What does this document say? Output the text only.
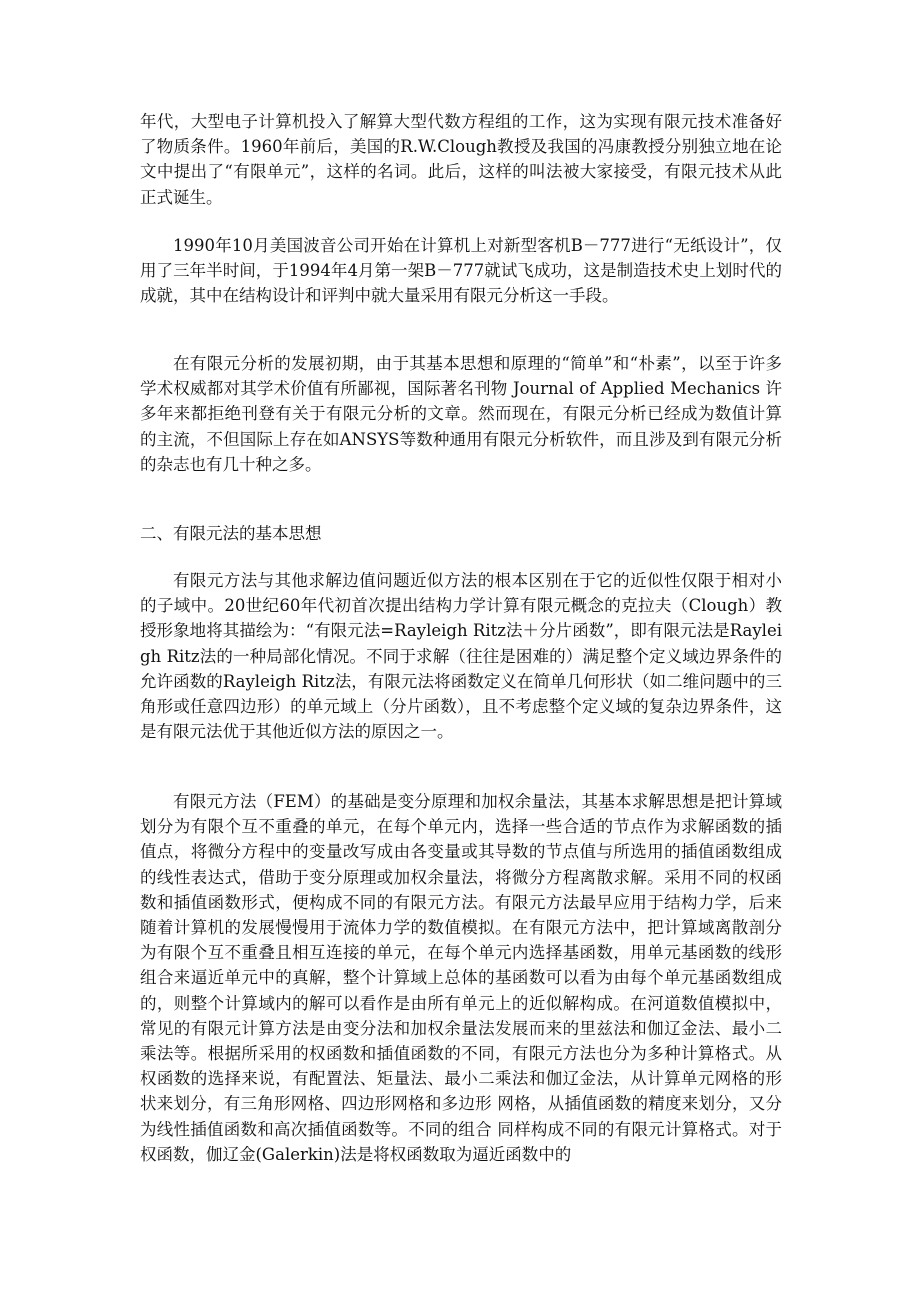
年代，大型电子计算机投入了解算大型代数方程组的工作，这为实现有限元技术准备好了物质条件。1960年前后，美国的R.W.Clough教授及我国的冯康教授分别独立地在论文中提出了“有限单元”，这样的名词。此后，这样的叫法被大家接受，有限元技术从此正式诞生。

1990年10月美国波音公司开始在计算机上对新型客机B－777进行“无纸设计”，仅用了三年半时间，于1994年4月第一架B－777就试飞成功，这是制造技术史上划时代的成就，其中在结构设计和评判中就大量采用有限元分析这一手段。

在有限元分析的发展初期，由于其基本思想和原理的“简单”和“朴素”，以至于许多学术权威都对其学术价值有所鄙视，国际著名刊物 Journal of Applied Mechanics 许多年来都拒绝刊登有关于有限元分析的文章。然而现在，有限元分析已经成为数值计算的主流，不但国际上存在如ANSYS等数种通用有限元分析软件，而且涉及到有限元分析的杂志也有几十种之多。

二、有限元法的基本思想

有限元方法与其他求解边值问题近似方法的根本区别在于它的近似性仅限于相对小的子域中。20世纪60年代初首次提出结构力学计算有限元概念的克拉夫（Clough）教授形象地将其描绘为：“有限元法=Rayleigh Ritz法＋分片函数”，即有限元法是Rayleigh Ritz法的一种局部化情况。不同于求解（往往是困难的）满足整个定义域边界条件的允许函数的Rayleigh Ritz法，有限元法将函数定义在简单几何形状（如二维问题中的三角形或任意四边形）的单元域上（分片函数），且不考虑整个定义域的复杂边界条件，这是有限元法优于其他近似方法的原因之一。

有限元方法（FEM）的基础是变分原理和加权余量法，其基本求解思想是把计算域划分为有限个互不重叠的单元，在每个单元内，选择一些合适的节点作为求解函数的插值点，将微分方程中的变量改写成由各变量或其导数的节点值与所选用的插值函数组成的线性表达式，借助于变分原理或加权余量法，将微分方程离散求解。采用不同的权函数和插值函数形式，便构成不同的有限元方法。有限元方法最早应用于结构力学，后来随着计算机的发展慢慢用于流体力学的数值模拟。在有限元方法中，把计算域离散剖分为有限个互不重叠且相互连接的单元，在每个单元内选择基函数，用单元基函数的线形组合来逼近单元中的真解，整个计算域上总体的基函数可以看为由每个单元基函数组成的，则整个计算域内的解可以看作是由所有单元上的近似解构成。在河道数值模拟中，常见的有限元计算方法是由变分法和加权余量法发展而来的里兹法和伽辽金法、最小二乘法等。根据所采用的权函数和插值函数的不同，有限元方法也分为多种计算格式。从权函数的选择来说，有配置法、矩量法、最小二乘法和伽辽金法，从计算单元网格的形状来划分，有三角形网格、四边形网格和多边形 网格，从插值函数的精度来划分，又分为线性插值函数和高次插值函数等。不同的组合 同样构成不同的有限元计算格式。对于权函数，伽辽金(Galerkin)法是将权函数取为逼近函数中的
